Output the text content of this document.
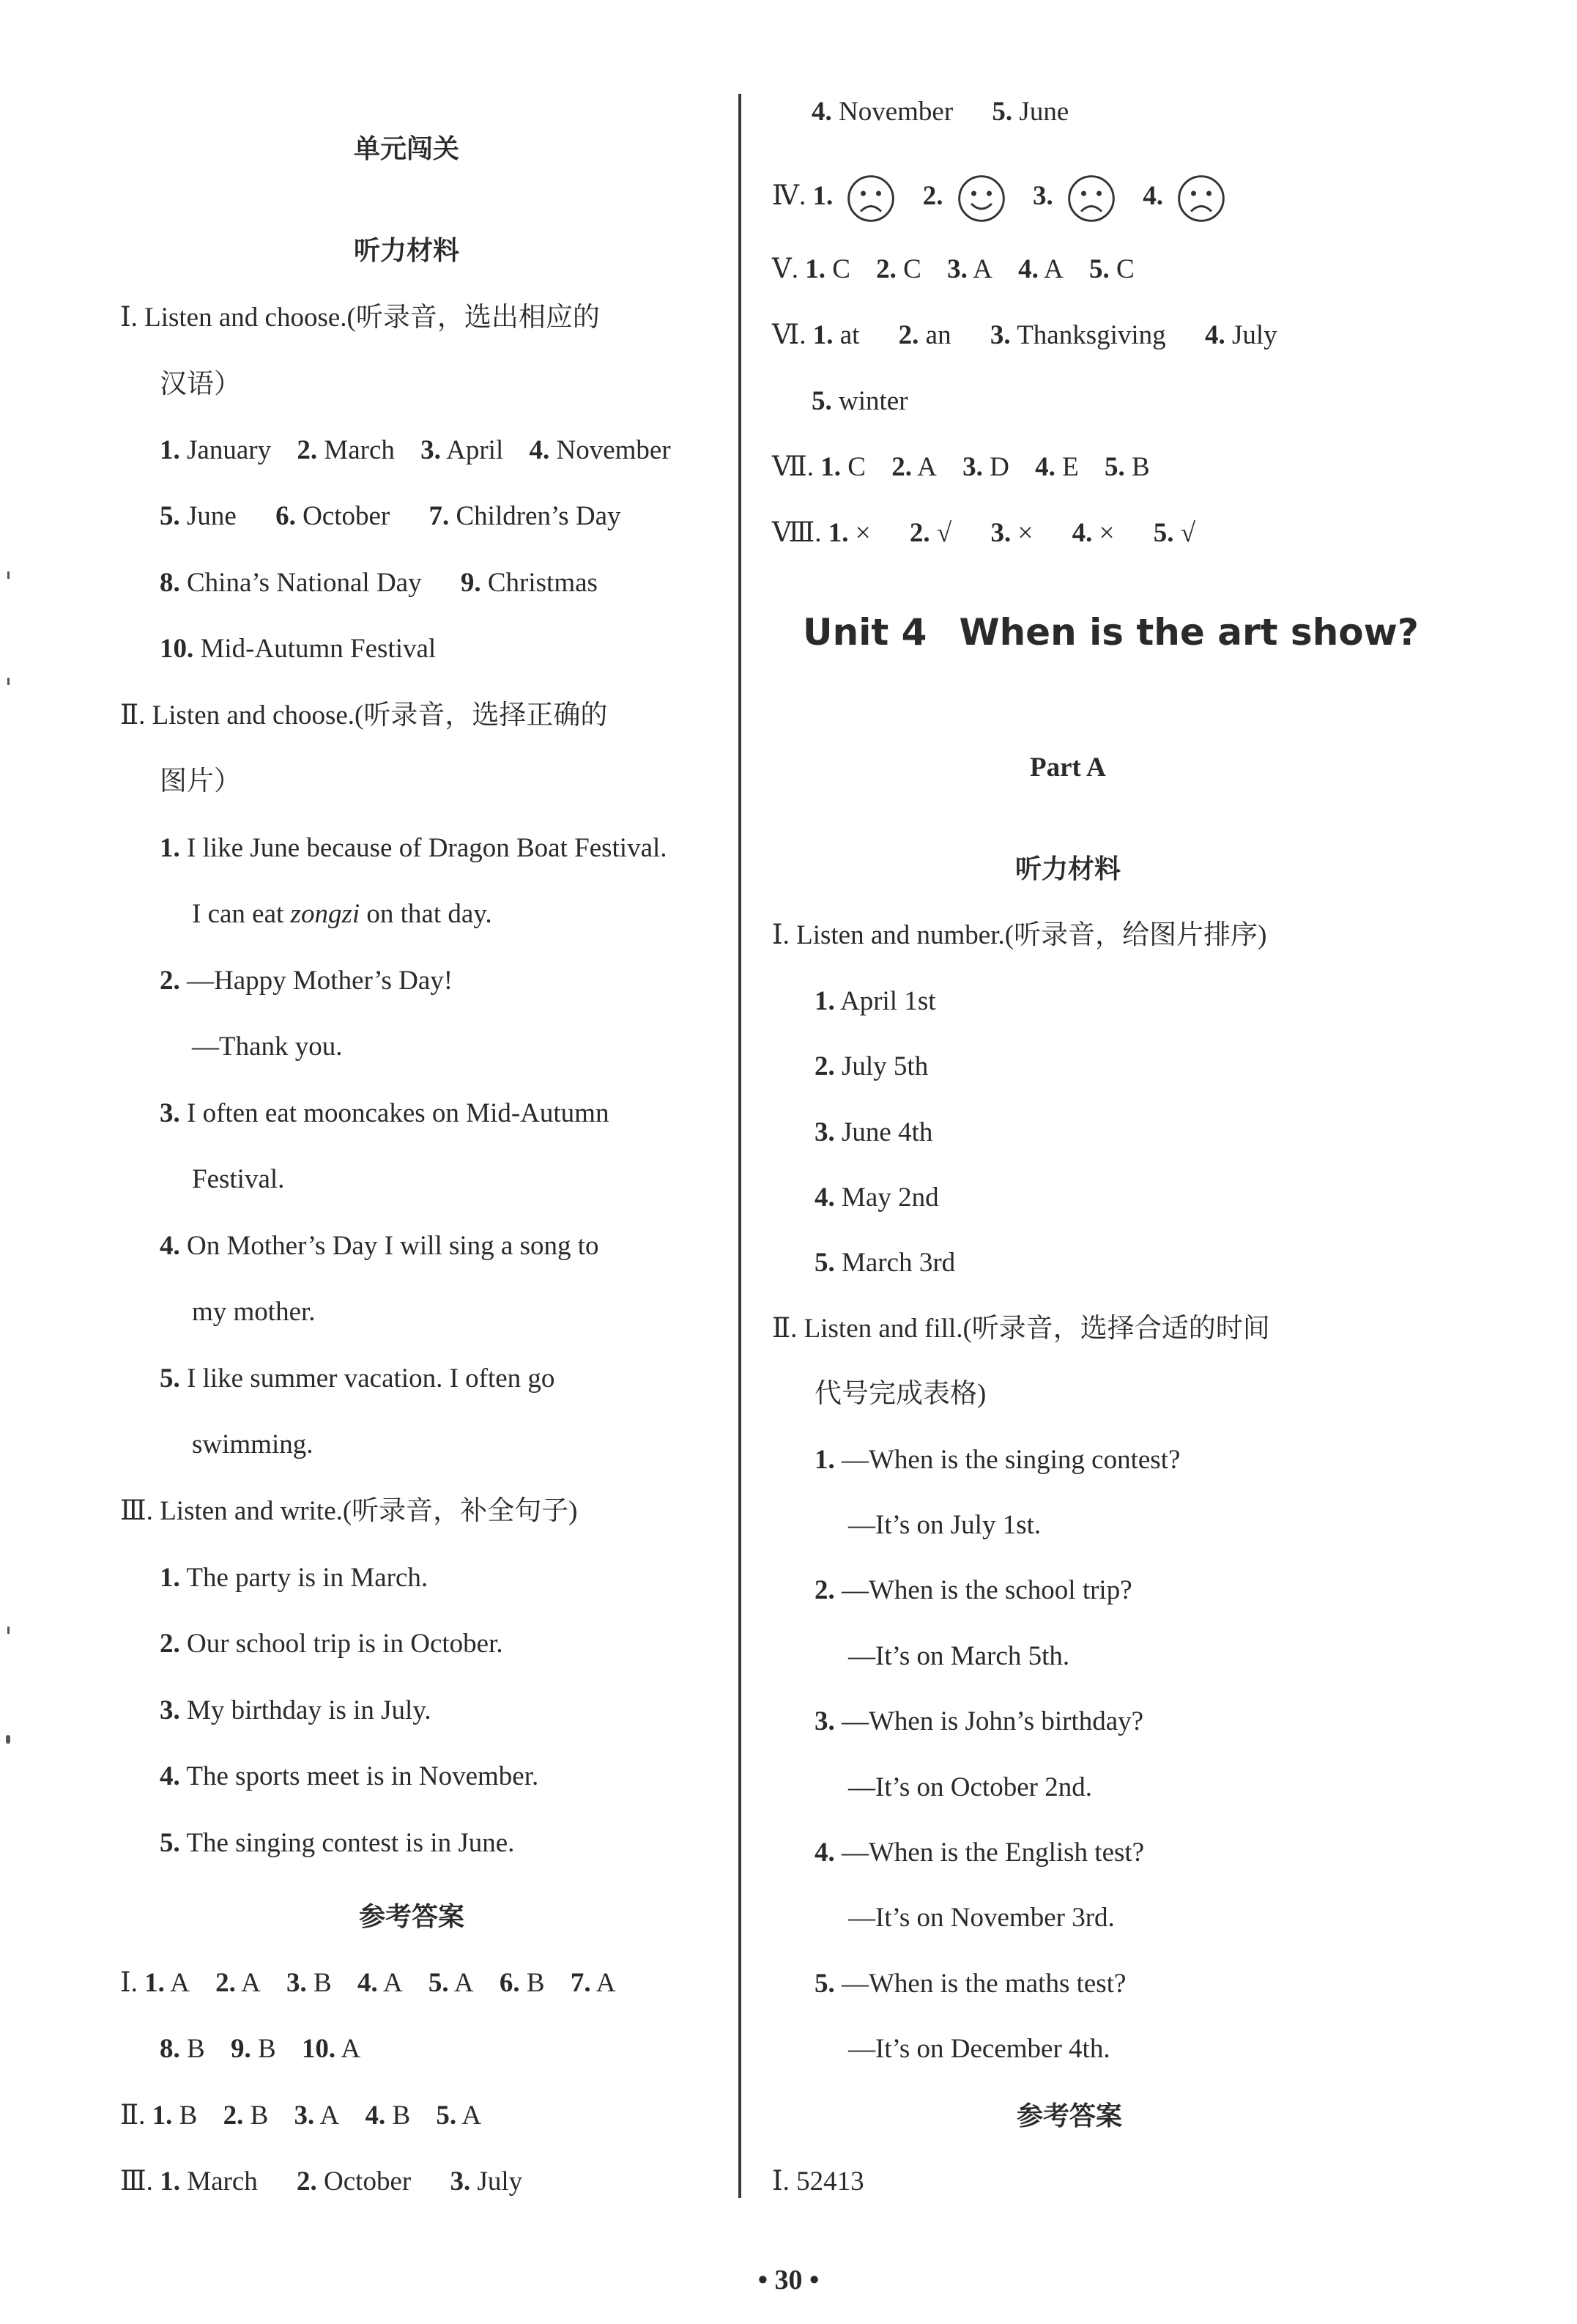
单元闯关
听力材料
Ⅰ. Listen and choose.(听录音，选出相应的
汉语）
1. January 2. March 3. April 4. November
5. June 6. October 7. Children’s Day
8. China’s National Day 9. Christmas
10. Mid-Autumn Festival
Ⅱ. Listen and choose.(听录音，选择正确的
图片）
1. I like June because of Dragon Boat Festival.
I can eat zongzi on that day.
2. —Happy Mother’s Day!
—Thank you.
3. I often eat mooncakes on Mid-Autumn
Festival.
4. On Mother’s Day I will sing a song to
my mother.
5. I like summer vacation. I often go
swimming.
Ⅲ. Listen and write.(听录音，补全句子)
1. The party is in March.
2. Our school trip is in October.
3. My birthday is in July.
4. The sports meet is in November.
5. The singing contest is in June.
参考答案
Ⅰ. 1. A 2. A 3. B 4. A 5. A 6. B 7. A
8. B 9. B 10. A
Ⅱ. 1. B 2. B 3. A 4. B 5. A
Ⅲ. 1. March 2. October 3. July
4. November 5. June
Ⅳ. 1.	2.	3.	4.
Ⅴ. 1. C 2. C 3. A 4. A 5. C
Ⅵ. 1. at 2. an 3. Thanksgiving 4. July
5. winter
Ⅶ. 1. C 2. A 3. D 4. E 5. B
Ⅷ. 1. × 2. √ 3. × 4. × 5. √
Unit 4 When is the art show?
Part A
听力材料
Ⅰ. Listen and number.(听录音，给图片排序)
1. April 1st
2. July 5th
3. June 4th
4. May 2nd
5. March 3rd
Ⅱ. Listen and fill.(听录音，选择合适的时间
代号完成表格)
1. —When is the singing contest?
—It’s on July 1st.
2. —When is the school trip?
—It’s on March 5th.
3. —When is John’s birthday?
—It’s on October 2nd.
4. —When is the English test?
—It’s on November 3rd.
5. —When is the maths test?
—It’s on December 4th.
参考答案
Ⅰ. 52413
• 30 •
